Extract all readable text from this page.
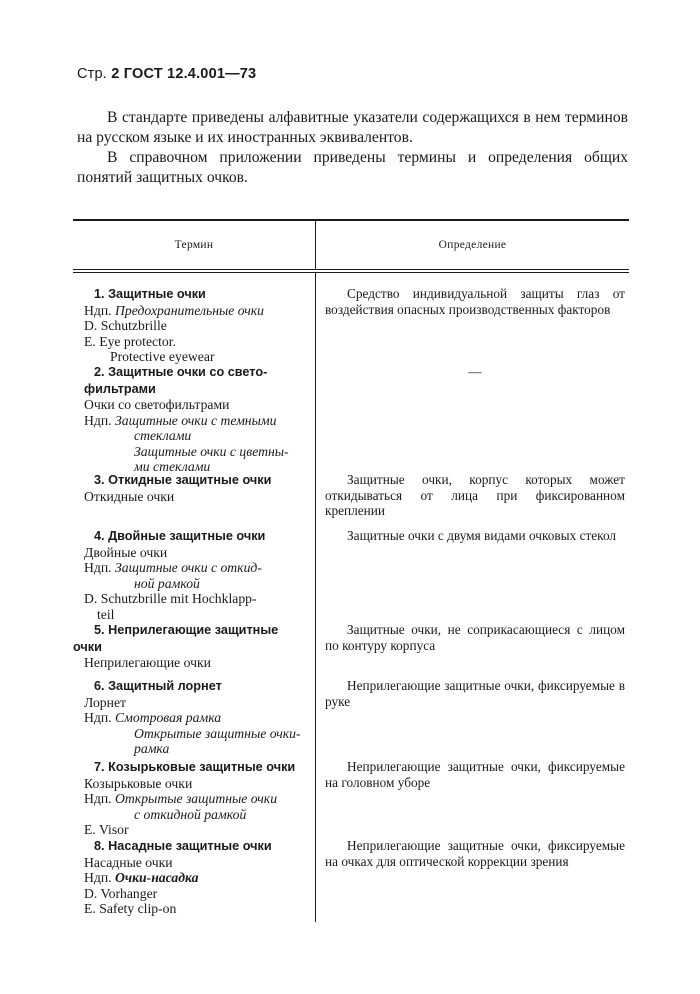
Стр. 2 ГОСТ 12.4.001—73

В стандарте приведены алфавитные указатели содержащихся в нем терминов на русском языке и их иностранных эквивалентов.

В справочном приложении приведены термины и определения общих понятий защитных очков.

Термин	Определение
1. Защитные очки
Ндп. Предохранительные очки
D. Schutzbrille
E. Eye protector.
Protective eyewear

Средство индивидуальной защиты глаз от воздействия опасных производственных факторов

2. Защитные очки со свето-
фильтрами
Очки со светофильтрами
Ндп. Защитные очки с темными
стеклами
Защитные очки с цветны-
ми стеклами
—
3. Откидные защитные очки
Откидные очки

Защитные очки, корпус которых может откидываться от лица при фиксированном креплении

4. Двойные защитные очки
Двойные очки
Ндп. Защитные очки с откид-
ной рамкой
D. Schutzbrille mit Hochklapp-
teil

Защитные очки с двумя видами очковых стекол

5. Неприлегающие защитные
очки
Неприлегающие очки

Защитные очки, не соприкасающиеся с лицом по контуру корпуса

6. Защитный лорнет
Лорнет
Ндп. Смотровая рамка
Открытые защитные очки-
рамка

Неприлегающие защитные очки, фиксируемые в руке

7. Козырьковые защитные очки
Козырьковые очки
Ндп. Открытые защитные очки
с откидной рамкой
E. Visor

Неприлегающие защитные очки, фиксируемые на головном уборе

8. Насадные защитные очки
Насадные очки
Ндп. Очки-насадка
D. Vorhanger
E. Safety clip-on

Неприлегающие защитные очки, фиксируемые на очках для оптической коррекции зрения
